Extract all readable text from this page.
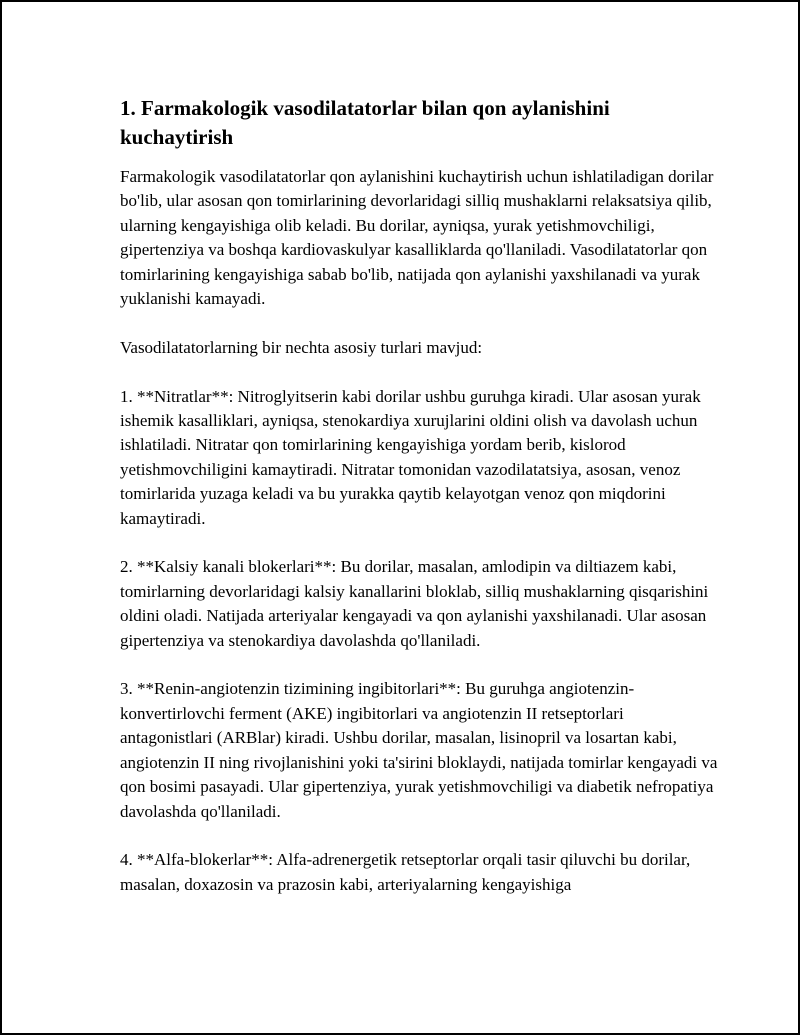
1. Farmakologik vasodilatatorlar bilan qon aylanishini kuchaytirish

Farmakologik vasodilatatorlar qon aylanishini kuchaytirish uchun ishlatiladigan dorilar bo'lib, ular asosan qon tomirlarining devorlaridagi silliq mushaklarni relaksatsiya qilib, ularning kengayishiga olib keladi. Bu dorilar, ayniqsa, yurak yetishmovchiligi, gipertenziya va boshqa kardiovaskulyar kasalliklarda qo'llaniladi. Vasodilatatorlar qon tomirlarining kengayishiga sabab bo'lib, natijada qon aylanishi yaxshilanadi va yurak yuklanishi kamayadi.

Vasodilatatorlarning bir nechta asosiy turlari mavjud:

1. **Nitratlar**: Nitroglyitserin kabi dorilar ushbu guruhga kiradi. Ular asosan yurak ishemik kasalliklari, ayniqsa, stenokardiya xurujlarini oldini olish va davolash uchun ishlatiladi. Nitratar qon tomirlarining kengayishiga yordam berib, kislorod yetishmovchiligini kamaytiradi. Nitratar tomonidan vazodilatatsiya, asosan, venoz tomirlarida yuzaga keladi va bu yurakka qaytib kelayotgan venoz qon miqdorini kamaytiradi.

2. **Kalsiy kanali blokerlari**: Bu dorilar, masalan, amlodipin va diltiazem kabi, tomirlarning devorlaridagi kalsiy kanallarini bloklab, silliq mushaklarning qisqarishini oldini oladi. Natijada arteriyalar kengayadi va qon aylanishi yaxshilanadi. Ular asosan gipertenziya va stenokardiya davolashda qo'llaniladi.

3. **Renin-angiotenzin tizimining ingibitorlari**: Bu guruhga angiotenzin-konvertirlovchi ferment (AKE) ingibitorlari va angiotenzin II retseptorlari antagonistlari (ARBlar) kiradi. Ushbu dorilar, masalan, lisinopril va losartan kabi, angiotenzin II ning rivojlanishini yoki ta'sirini bloklaydi, natijada tomirlar kengayadi va qon bosimi pasayadi. Ular gipertenziya, yurak yetishmovchiligi va diabetik nefropatiya davolashda qo'llaniladi.

4. **Alfa-blokerlar**: Alfa-adrenergetik retseptorlar orqali tasir qiluvchi bu dorilar, masalan, doxazosin va prazosin kabi, arteriyalarning kengayishiga
